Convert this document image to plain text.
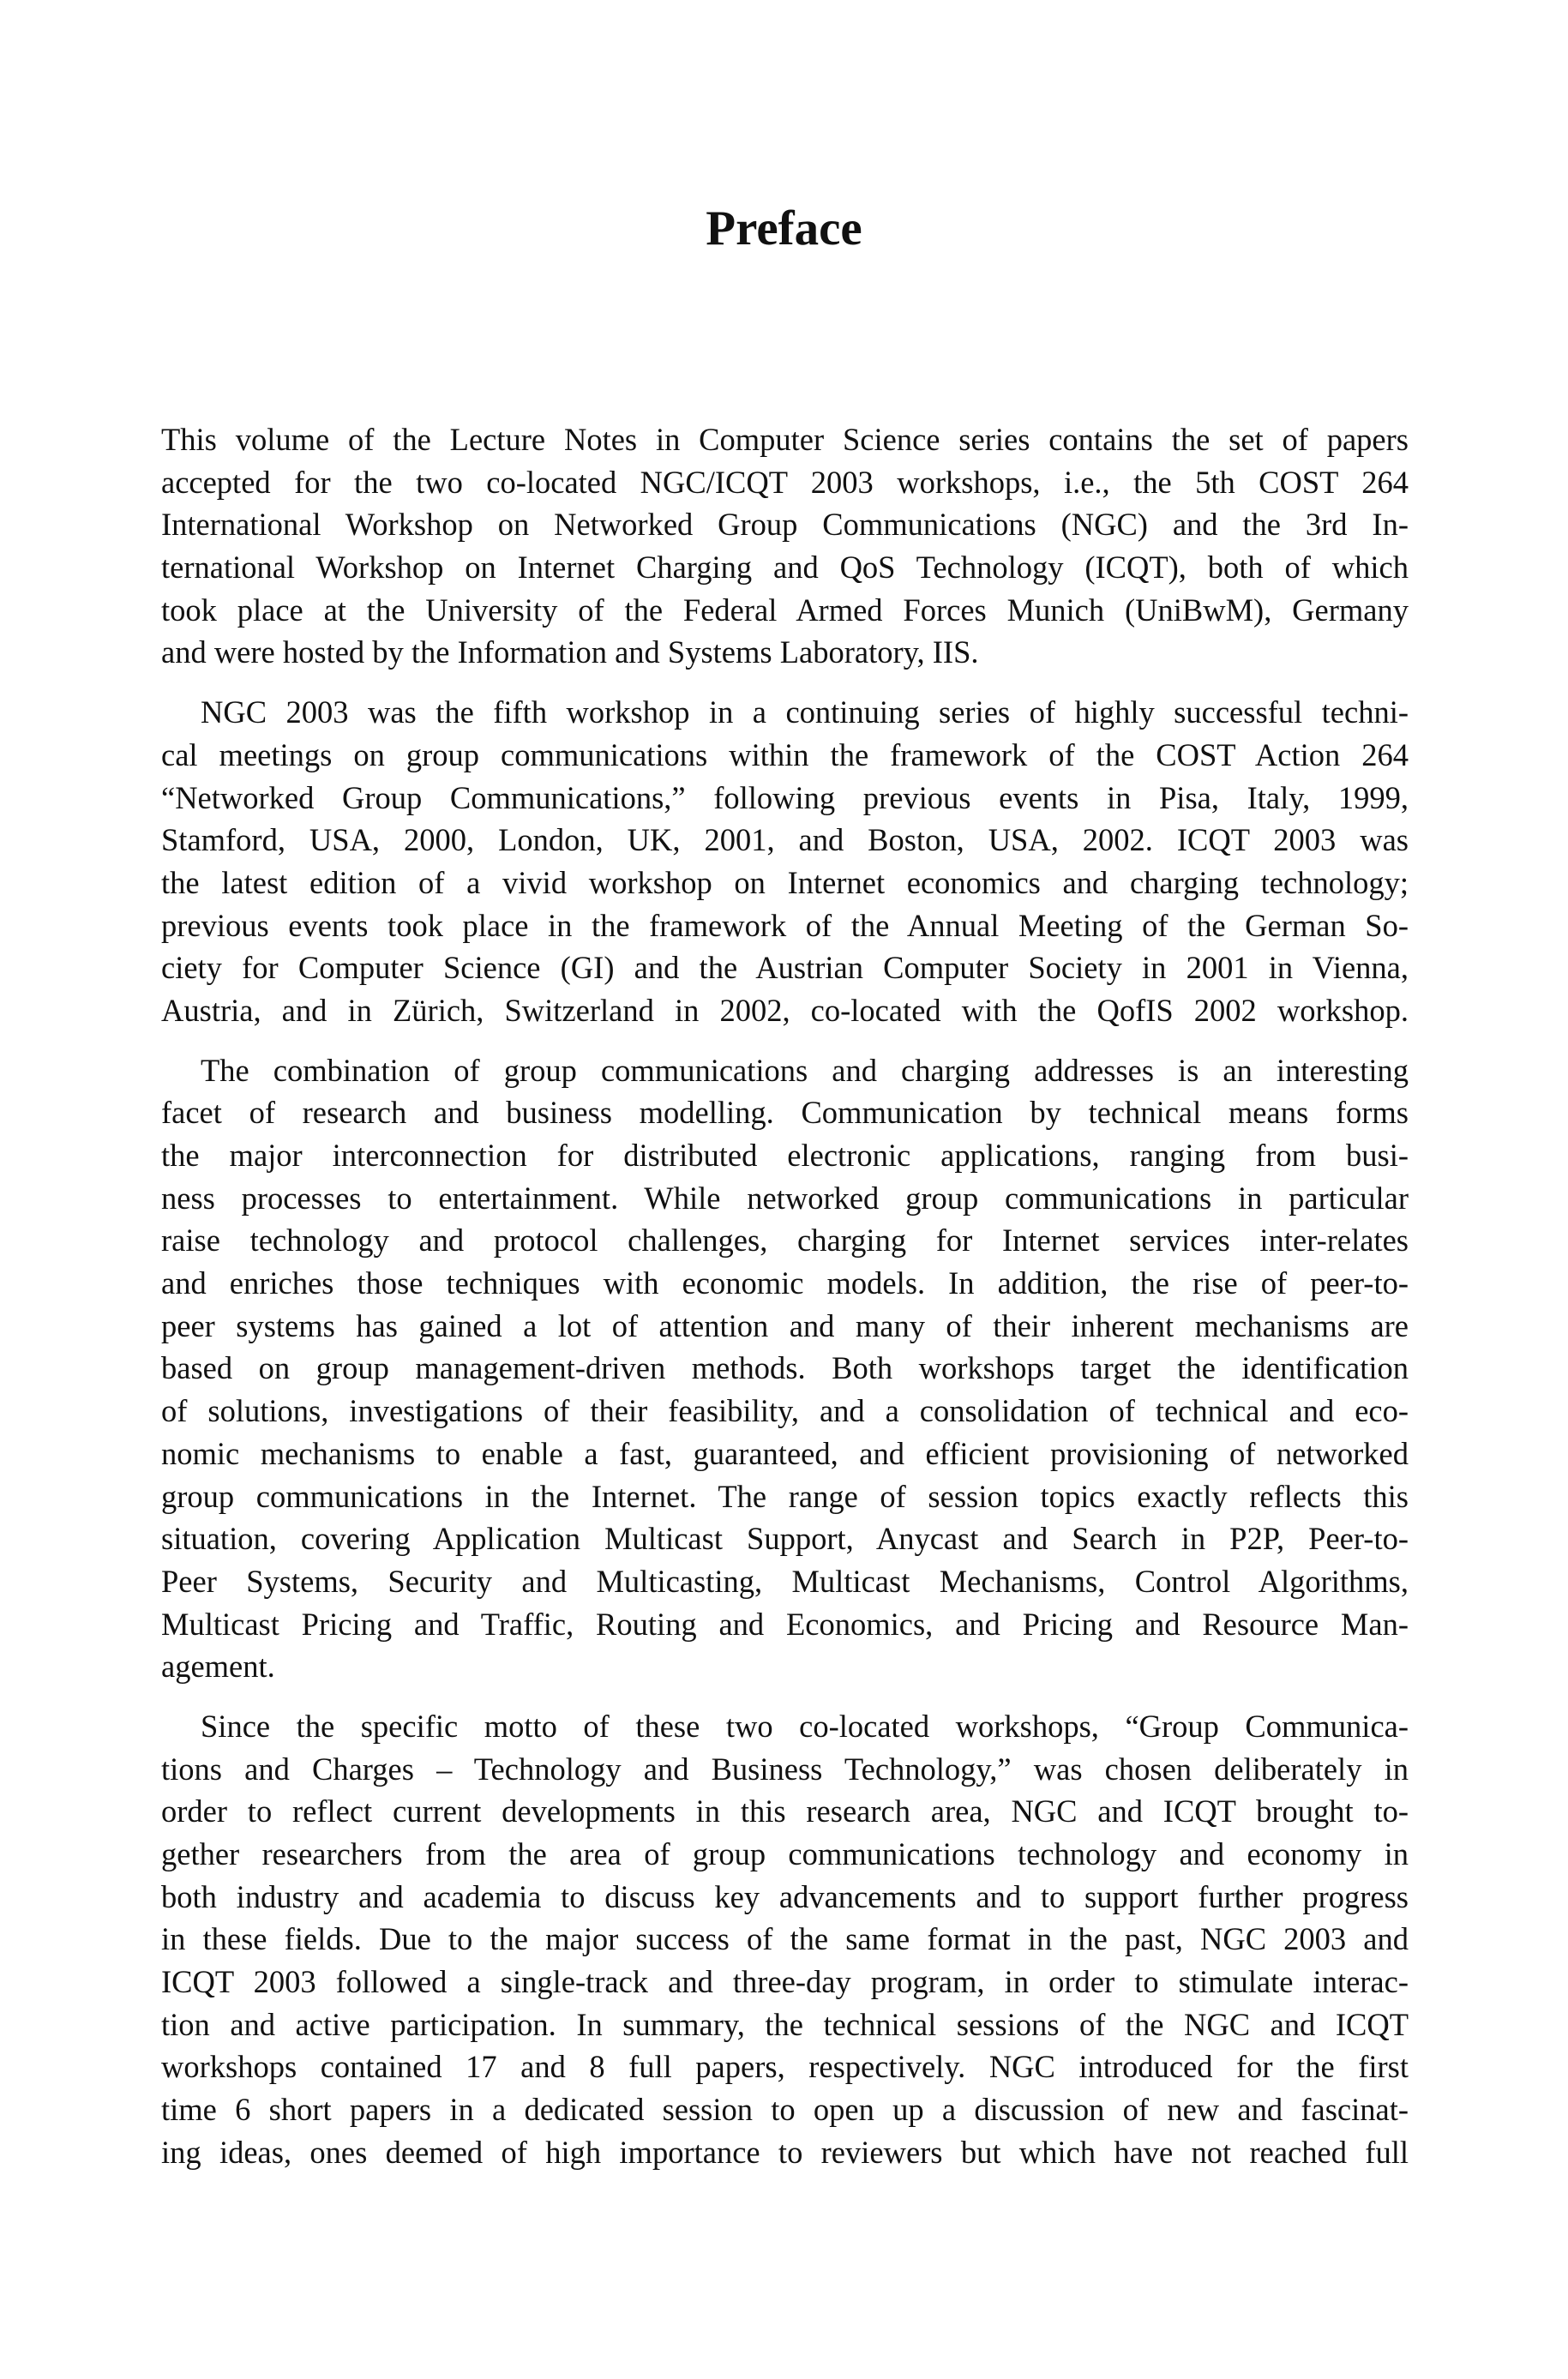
Preface
This volume of the Lecture Notes in Computer Science series contains the set of papers
accepted for the two co-located NGC/ICQT 2003 workshops, i.e., the 5th COST 264
International Workshop on Networked Group Communications (NGC) and the 3rd In-
ternational Workshop on Internet Charging and QoS Technology (ICQT), both of which
took place at the University of the Federal Armed Forces Munich (UniBwM), Germany
and were hosted by the Information and Systems Laboratory, IIS.
NGC 2003 was the fifth workshop in a continuing series of highly successful techni-
cal meetings on group communications within the framework of the COST Action 264
“Networked Group Communications,” following previous events in Pisa, Italy, 1999,
Stamford, USA, 2000, London, UK, 2001, and Boston, USA, 2002. ICQT 2003 was
the latest edition of a vivid workshop on Internet economics and charging technology;
previous events took place in the framework of the Annual Meeting of the German So-
ciety for Computer Science (GI) and the Austrian Computer Society in 2001 in Vienna,
Austria, and in Zürich, Switzerland in 2002, co-located with the QofIS 2002 workshop.
The combination of group communications and charging addresses is an interesting
facet of research and business modelling. Communication by technical means forms
the major interconnection for distributed electronic applications, ranging from busi-
ness processes to entertainment. While networked group communications in particular
raise technology and protocol challenges, charging for Internet services inter-relates
and enriches those techniques with economic models. In addition, the rise of peer-to-
peer systems has gained a lot of attention and many of their inherent mechanisms are
based on group management-driven methods. Both workshops target the identification
of solutions, investigations of their feasibility, and a consolidation of technical and eco-
nomic mechanisms to enable a fast, guaranteed, and efficient provisioning of networked
group communications in the Internet. The range of session topics exactly reflects this
situation, covering Application Multicast Support, Anycast and Search in P2P, Peer-to-
Peer Systems, Security and Multicasting, Multicast Mechanisms, Control Algorithms,
Multicast Pricing and Traffic, Routing and Economics, and Pricing and Resource Man-
agement.
Since the specific motto of these two co-located workshops, “Group Communica-
tions and Charges – Technology and Business Technology,” was chosen deliberately in
order to reflect current developments in this research area, NGC and ICQT brought to-
gether researchers from the area of group communications technology and economy in
both industry and academia to discuss key advancements and to support further progress
in these fields. Due to the major success of the same format in the past, NGC 2003 and
ICQT 2003 followed a single-track and three-day program, in order to stimulate interac-
tion and active participation. In summary, the technical sessions of the NGC and ICQT
workshops contained 17 and 8 full papers, respectively. NGC introduced for the first
time 6 short papers in a dedicated session to open up a discussion of new and fascinat-
ing ideas, ones deemed of high importance to reviewers but which have not reached full
